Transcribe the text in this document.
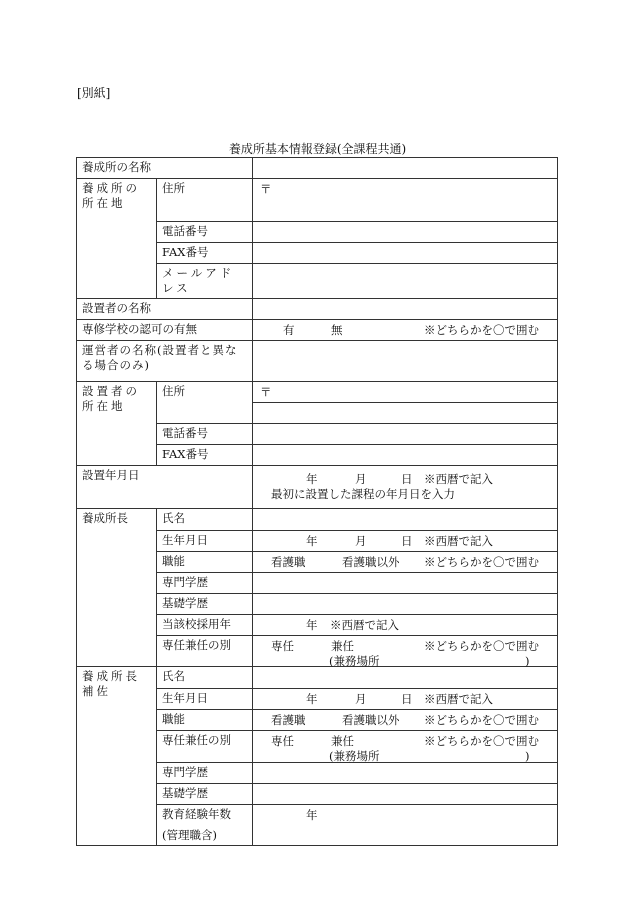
[別紙]
養成所基本情報登録(全課程共通)
養成所の名称		
養成所の所在地	住所	〒

	電話番号	
	FAX番号	
	メールアドレス	
設置者の名称		
専修学校の認可の有無		有 無 ※どちらかを〇で囲む

運営者の名称(設置者と異なる場合のみ)		
設置者の所在地	住所	〒

	電話番号	
	FAX番号	
設置年月日		年 月 日 ※西暦で記入
最初に設置した課程の年月日を入力

養成所長	氏名	
	生年月日	年 月 日 ※西暦で記入

	職能	看護職 看護職以外 ※どちらかを〇で囲む

	専門学歴	
	基礎学歴	
	当該校採用年	年 ※西暦で記入

	専任兼任の別	専任 兼任 ※どちらかを〇で囲む
(兼務場所 )

養成所長補佐	氏名	
	生年月日	年 月 日 ※西暦で記入

	職能	看護職 看護職以外 ※どちらかを〇で囲む

	専任兼任の別	専任 兼任 ※どちらかを〇で囲む
(兼務場所 )

	専門学歴	
	基礎学歴	

	教育経験年数
(管理職含)	年
